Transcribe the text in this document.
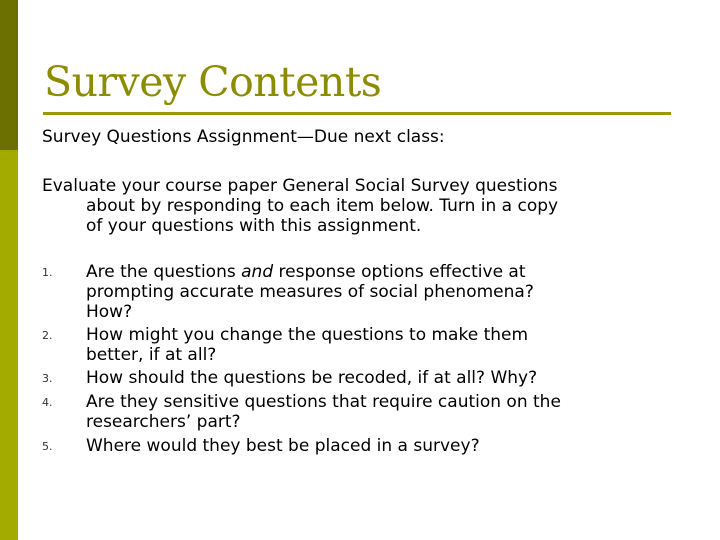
Survey Contents
Survey Questions Assignment—Due next class:

Evaluate your course paper General Social Survey questions

about by responding to each item below. Turn in a copy

of your questions with this assignment.

1.	Are the questions and response options effective at
prompting accurate measures of social phenomena?
How?
2.	How might you change the questions to make them
better, if at all?
3.	How should the questions be recoded, if at all? Why?
4.	Are they sensitive questions that require caution on the
researchers’ part?
5.	Where would they best be placed in a survey?
